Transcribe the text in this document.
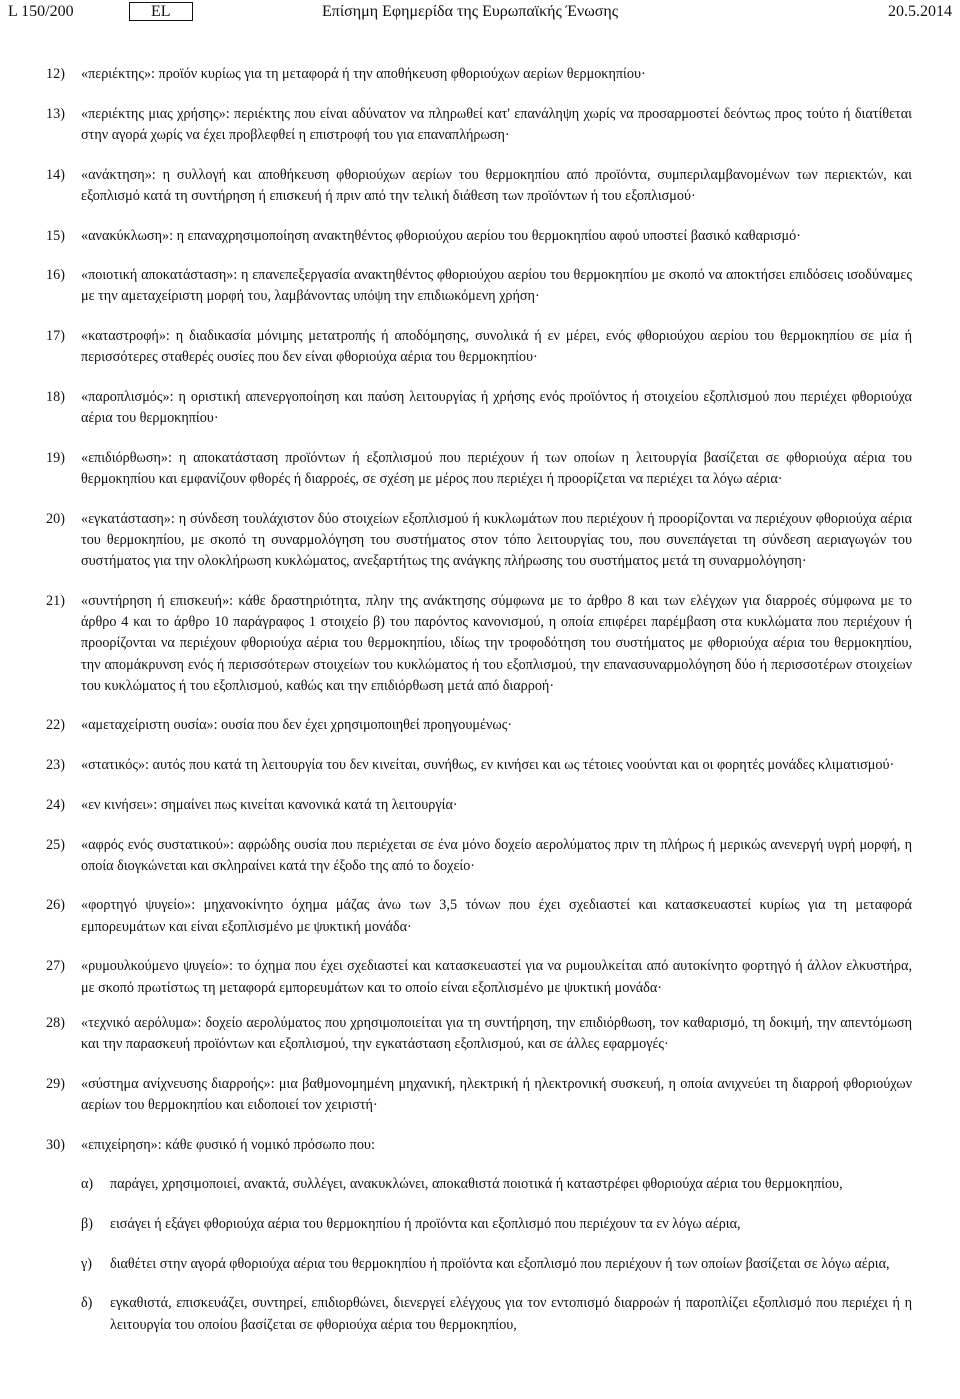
L 150/200	EL	Επίσημη Εφημερίδα της Ευρωπαϊκής Ένωσης	20.5.2014
12) «περιέκτης»: προϊόν κυρίως για τη μεταφορά ή την αποθήκευση φθοριούχων αερίων θερμοκηπίου·
13) «περιέκτης μιας χρήσης»: περιέκτης που είναι αδύνατον να πληρωθεί κατ' επανάληψη χωρίς να προσαρμοστεί δεόντως προς τούτο ή διατίθεται στην αγορά χωρίς να έχει προβλεφθεί η επιστροφή του για επαναπλήρωση·
14) «ανάκτηση»: η συλλογή και αποθήκευση φθοριούχων αερίων του θερμοκηπίου από προϊόντα, συμπεριλαμβανομένων των περιεκτών, και εξοπλισμό κατά τη συντήρηση ή επισκευή ή πριν από την τελική διάθεση των προϊόντων ή του εξοπλισμού·
15) «ανακύκλωση»: η επαναχρησιμοποίηση ανακτηθέντος φθοριούχου αερίου του θερμοκηπίου αφού υποστεί βασικό καθαρισμό·
16) «ποιοτική αποκατάσταση»: η επανεπεξεργασία ανακτηθέντος φθοριούχου αερίου του θερμοκηπίου με σκοπό να αποκτήσει επιδόσεις ισοδύναμες με την αμεταχείριστη μορφή του, λαμβάνοντας υπόψη την επιδιωκόμενη χρήση·
17) «καταστροφή»: η διαδικασία μόνιμης μετατροπής ή αποδόμησης, συνολικά ή εν μέρει, ενός φθοριούχου αερίου του θερμοκηπίου σε μία ή περισσότερες σταθερές ουσίες που δεν είναι φθοριούχα αέρια του θερμοκηπίου·
18) «παροπλισμός»: η οριστική απενεργοποίηση και παύση λειτουργίας ή χρήσης ενός προϊόντος ή στοιχείου εξοπλισμού που περιέχει φθοριούχα αέρια του θερμοκηπίου·
19) «επιδιόρθωση»: η αποκατάσταση προϊόντων ή εξοπλισμού που περιέχουν ή των οποίων η λειτουργία βασίζεται σε φθοριούχα αέρια του θερμοκηπίου και εμφανίζουν φθορές ή διαρροές, σε σχέση με μέρος που περιέχει ή προορίζεται να περιέχει τα λόγω αέρια·
20) «εγκατάσταση»: η σύνδεση τουλάχιστον δύο στοιχείων εξοπλισμού ή κυκλωμάτων που περιέχουν ή προορίζονται να περιέχουν φθοριούχα αέρια του θερμοκηπίου, με σκοπό τη συναρμολόγηση του συστήματος στον τόπο λειτουργίας του, που συνεπάγεται τη σύνδεση αεριαγωγών του συστήματος για την ολοκλήρωση κυκλώματος, ανεξαρτήτως της ανάγκης πλήρωσης του συστήματος μετά τη συναρμολόγηση·
21) «συντήρηση ή επισκευή»: κάθε δραστηριότητα, πλην της ανάκτησης σύμφωνα με το άρθρο 8 και των ελέγχων για διαρροές σύμφωνα με το άρθρο 4 και το άρθρο 10 παράγραφος 1 στοιχείο β) του παρόντος κανονισμού, η οποία επιφέρει παρέμβαση στα κυκλώματα που περιέχουν ή προορίζονται να περιέχουν φθοριούχα αέρια του θερμοκηπίου, ιδίως την τροφοδότηση του συστήματος με φθοριούχα αέρια του θερμοκηπίου, την απομάκρυνση ενός ή περισσότερων στοιχείων του κυκλώματος ή του εξοπλισμού, την επανασυναρμολόγηση δύο ή περισσοτέρων στοιχείων του κυκλώματος ή του εξοπλισμού, καθώς και την επιδιόρθωση μετά από διαρροή·
22) «αμεταχείριστη ουσία»: ουσία που δεν έχει χρησιμοποιηθεί προηγουμένως·
23) «στατικός»: αυτός που κατά τη λειτουργία του δεν κινείται, συνήθως, εν κινήσει και ως τέτοιες νοούνται και οι φορητές μονάδες κλιματισμού·
24) «εν κινήσει»: σημαίνει πως κινείται κανονικά κατά τη λειτουργία·
25) «αφρός ενός συστατικού»: αφρώδης ουσία που περιέχεται σε ένα μόνο δοχείο αερολύματος πριν τη πλήρως ή μερικώς ανενεργή υγρή μορφή, η οποία διογκώνεται και σκληραίνει κατά την έξοδο της από το δοχείο·
26) «φορτηγό ψυγείο»: μηχανοκίνητο όχημα μάζας άνω των 3,5 τόνων που έχει σχεδιαστεί και κατασκευαστεί κυρίως για τη μεταφορά εμπορευμάτων και είναι εξοπλισμένο με ψυκτική μονάδα·
27) «ρυμουλκούμενο ψυγείο»: το όχημα που έχει σχεδιαστεί και κατασκευαστεί για να ρυμουλκείται από αυτοκίνητο φορτηγό ή άλλον ελκυστήρα, με σκοπό πρωτίστως τη μεταφορά εμπορευμάτων και το οποίο είναι εξοπλισμένο με ψυκτική μονάδα·
28) «τεχνικό αερόλυμα»: δοχείο αερολύματος που χρησιμοποιείται για τη συντήρηση, την επιδιόρθωση, τον καθαρισμό, τη δοκιμή, την απεντόμωση και την παρασκευή προϊόντων και εξοπλισμού, την εγκατάσταση εξοπλισμού, και σε άλλες εφαρμογές·
29) «σύστημα ανίχνευσης διαρροής»: μια βαθμονομημένη μηχανική, ηλεκτρική ή ηλεκτρονική συσκευή, η οποία ανιχνεύει τη διαρροή φθοριούχων αερίων του θερμοκηπίου και ειδοποιεί τον χειριστή·
30) «επιχείρηση»: κάθε φυσικό ή νομικό πρόσωπο που:
α) παράγει, χρησιμοποιεί, ανακτά, συλλέγει, ανακυκλώνει, αποκαθιστά ποιοτικά ή καταστρέφει φθοριούχα αέρια του θερμοκηπίου,
β) εισάγει ή εξάγει φθοριούχα αέρια του θερμοκηπίου ή προϊόντα και εξοπλισμό που περιέχουν τα εν λόγω αέρια,
γ) διαθέτει στην αγορά φθοριούχα αέρια του θερμοκηπίου ή προϊόντα και εξοπλισμό που περιέχουν ή των οποίων βασίζεται σε λόγω αέρια,
δ) εγκαθιστά, επισκευάζει, συντηρεί, επιδιορθώνει, διενεργεί ελέγχους για τον εντοπισμό διαρροών ή παροπλίζει εξοπλισμό που περιέχει ή η λειτουργία του οποίου βασίζεται σε φθοριούχα αέρια του θερμοκηπίου,
